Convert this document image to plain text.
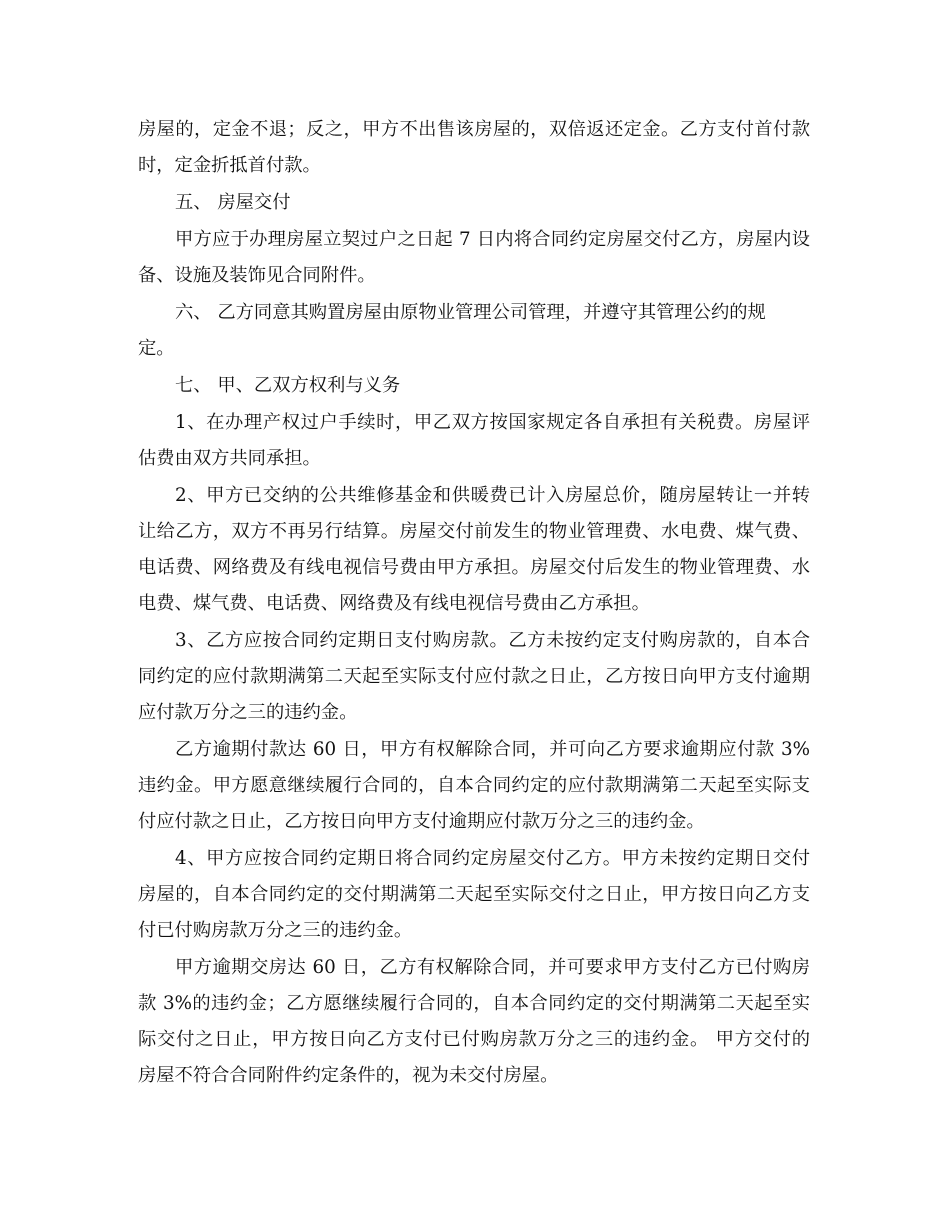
房屋的，定金不退；反之，甲方不出售该房屋的，双倍返还定金。乙方支付首付款
时，定金折抵首付款。
五、 房屋交付
甲方应于办理房屋立契过户之日起 7 日内将合同约定房屋交付乙方，房屋内设
备、设施及装饰见合同附件。
六、 乙方同意其购置房屋由原物业管理公司管理，并遵守其管理公约的规
定。
七、 甲、乙双方权利与义务
1、在办理产权过户手续时，甲乙双方按国家规定各自承担有关税费。房屋评
估费由双方共同承担。
2、甲方已交纳的公共维修基金和供暖费已计入房屋总价，随房屋转让一并转
让给乙方，双方不再另行结算。房屋交付前发生的物业管理费、水电费、煤气费、
电话费、网络费及有线电视信号费由甲方承担。房屋交付后发生的物业管理费、水
电费、煤气费、电话费、网络费及有线电视信号费由乙方承担。
3、乙方应按合同约定期日支付购房款。乙方未按约定支付购房款的，自本合
同约定的应付款期满第二天起至实际支付应付款之日止，乙方按日向甲方支付逾期
应付款万分之三的违约金。
乙方逾期付款达 60 日，甲方有权解除合同，并可向乙方要求逾期应付款 3%
违约金。甲方愿意继续履行合同的，自本合同约定的应付款期满第二天起至实际支
付应付款之日止，乙方按日向甲方支付逾期应付款万分之三的违约金。
4、甲方应按合同约定期日将合同约定房屋交付乙方。甲方未按约定期日交付
房屋的，自本合同约定的交付期满第二天起至实际交付之日止，甲方按日向乙方支
付已付购房款万分之三的违约金。
甲方逾期交房达 60 日，乙方有权解除合同，并可要求甲方支付乙方已付购房
款 3%的违约金；乙方愿继续履行合同的，自本合同约定的交付期满第二天起至实
际交付之日止，甲方按日向乙方支付已付购房款万分之三的违约金。 甲方交付的
房屋不符合合同附件约定条件的，视为未交付房屋。
